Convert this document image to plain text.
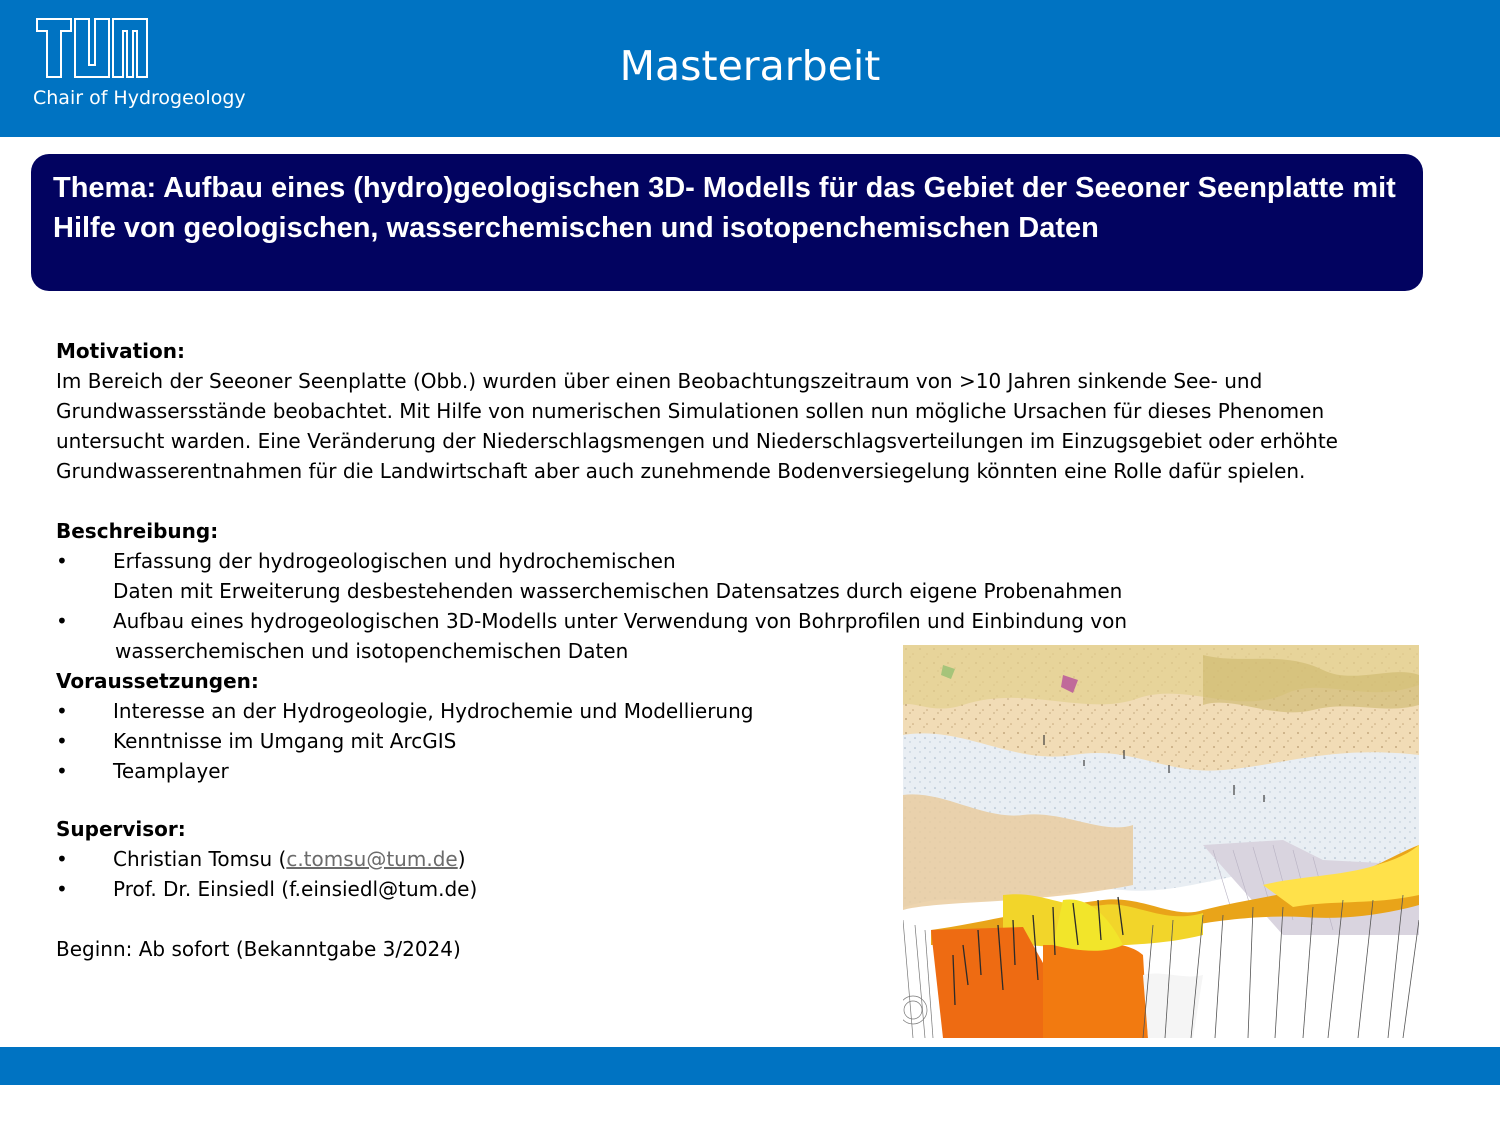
Chair of Hydrogeology
Masterarbeit
Thema: Aufbau eines (hydro)geologischen 3D- Modells für das Gebiet der Seeoner Seenplatte mit Hilfe von geologischen, wasserchemischen und isotopenchemischen Daten
Motivation:
Im Bereich der Seeoner Seenplatte (Obb.) wurden über einen Beobachtungszeitraum von >10 Jahren sinkende See- und
Grundwassersstände beobachtet. Mit Hilfe von numerischen Simulationen sollen nun mögliche Ursachen für dieses Phenomen
untersucht warden. Eine Veränderung der Niederschlagsmengen und Niederschlagsverteilungen im Einzugsgebiet oder erhöhte
Grundwasserentnahmen für die Landwirtschaft aber auch zunehmende Bodenversiegelung könnten eine Rolle dafür spielen.
Beschreibung:
• Erfassung der hydrogeologischen und hydrochemischen
Daten mit Erweiterung desbestehenden wasserchemischen Datensatzes durch eigene Probenahmen
• Aufbau eines hydrogeologischen 3D-Modells unter Verwendung von Bohrprofilen und Einbindung von
wasserchemischen und isotopenchemischen Daten
Voraussetzungen:
• Interesse an der Hydrogeologie, Hydrochemie und Modellierung
• Kenntnisse im Umgang mit ArcGIS
• Teamplayer
Supervisor:
• Christian Tomsu (c.tomsu@tum.de)
• Prof. Dr. Einsiedl (f.einsiedl@tum.de)
Beginn: Ab sofort (Bekanntgabe 3/2024)
